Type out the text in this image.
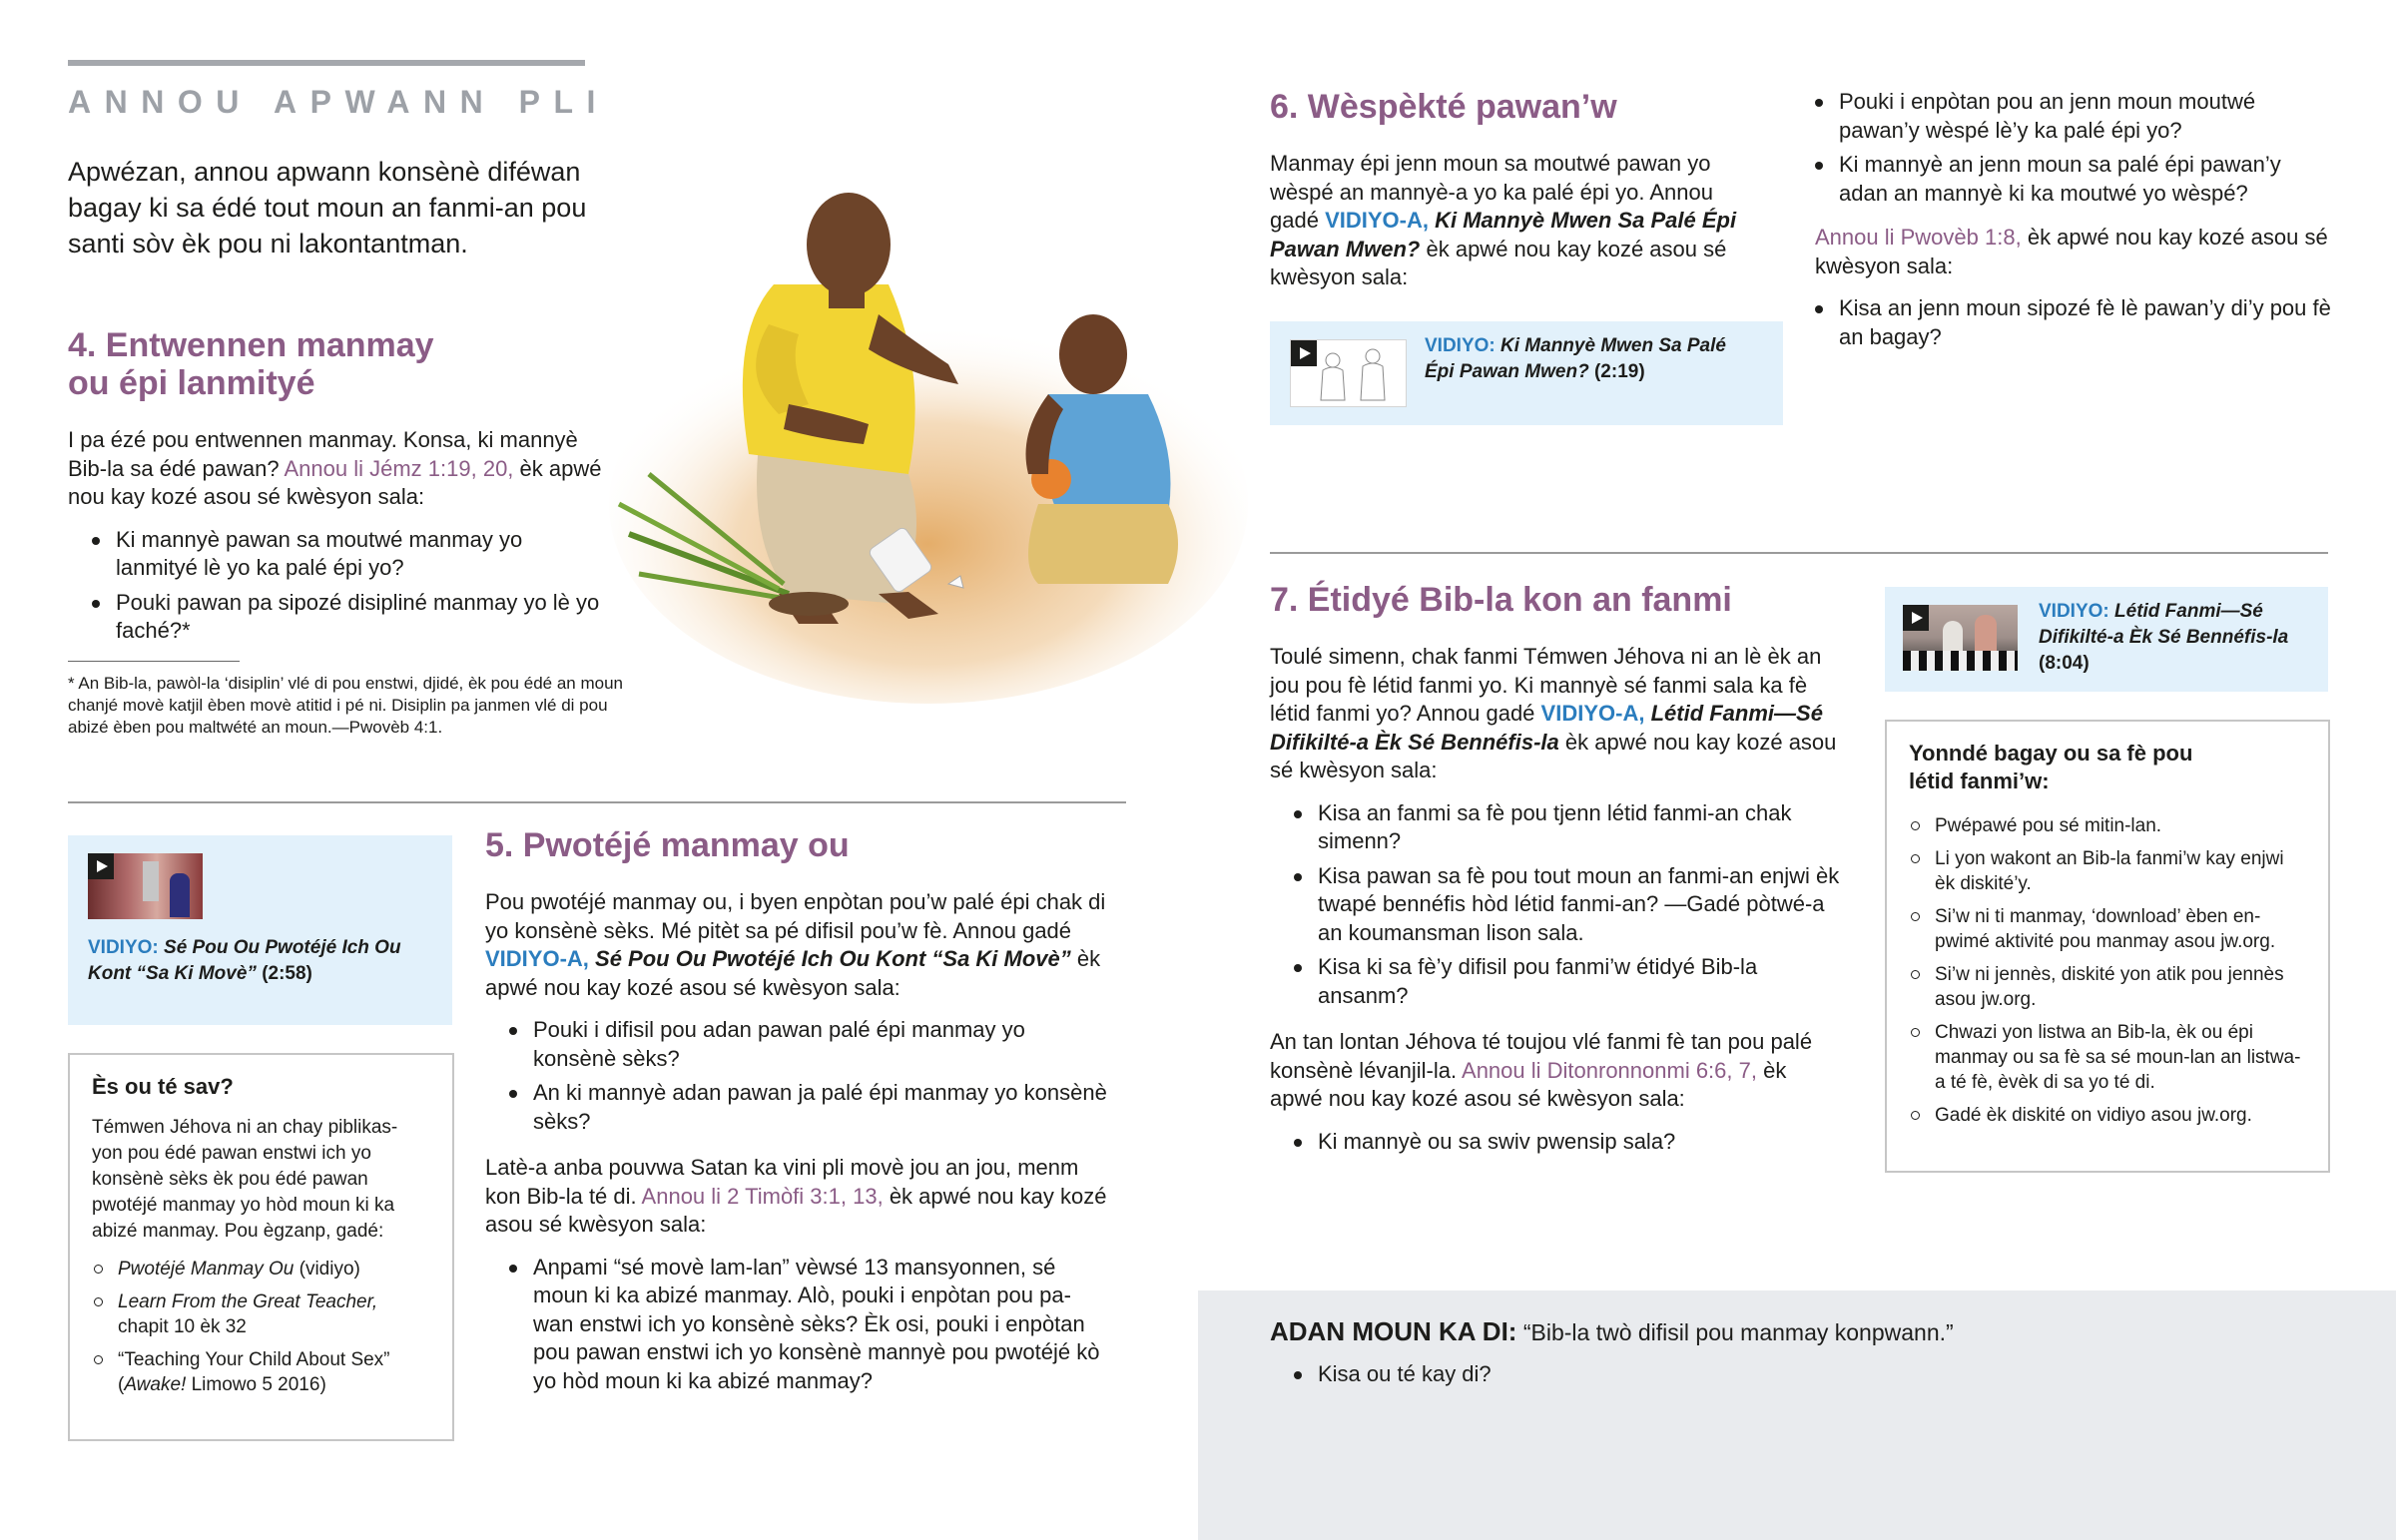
ANNOU APWANN PLI

Apwézan, annou apwann konsènè diféwan bagay ki sa édé tout moun an fanmi-an pou santi sòv èk pou ni lakontantman.

4. Entwennen manmay
ou épi lanmityé

I pa ézé pou entwennen manmay. Konsa, ki mannyè Bib-la sa édé pawan? Annou li Jémz 1:19, 20, èk apwé nou kay kozé asou sé kwèsyon sala:

Ki mannyè pawan sa moutwé manmay yo lanmityé lè yo ka palé épi yo?
Pouki pawan pa sipozé disipliné manmay yo lè yo faché?*

* An Bib-la, pawòl-la ‘disiplin’ vlé di pou enstwi, djidé, èk pou édé an moun chanjé movè katjil èben movè atitid i pé ni. Disiplin pa janmen vlé di pou abizé èben pou maltwété an moun.—Pwovèb 4:1.

VIDIYO: Sé Pou Ou Pwotéjé Ich Ou Kont “Sa Ki Movè” (2:58)
Ès ou té sav?

Témwen Jéhova ni an chay piblikas-yon pou édé pawan enstwi ich yo konsènè sèks èk pou édé pawan pwotéjé manmay yo hòd moun ki ka abizé manmay. Pou ègzanp, gadé:

Pwotéjé Manmay Ou (vidiyo)
Learn From the Great Teacher, chapit 10 èk 32
“Teaching Your Child About Sex” (Awake! Limowo 5 2016)
5. Pwotéjé manmay ou

Pou pwotéjé manmay ou, i byen enpòtan pou’w palé épi chak di yo konsènè sèks. Mé pitèt sa pé difisil pou’w fè. Annou gadé VIDIYO-A, Sé Pou Ou Pwotéjé Ich Ou Kont “Sa Ki Movè” èk apwé nou kay kozé asou sé kwèsyon sala:

Pouki i difisil pou adan pawan palé épi manmay yo konsènè sèks?
An ki mannyè adan pawan ja palé épi manmay yo konsènè sèks?

Latè-a anba pouvwa Satan ka vini pli movè jou an jou, menm kon Bib-la té di. Annou li 2 Timòfi 3:1, 13, èk apwé nou kay kozé asou sé kwèsyon sala:

Anpami “sé movè lam-lan” vèwsé 13 mansyonnen, sé moun ki ka abizé manmay. Alò, pouki i enpòtan pou pa-wan enstwi ich yo konsènè sèks? Èk osi, pouki i enpòtan pou pawan enstwi ich yo konsènè mannyè pou pwotéjé kò yo hòd moun ki ka abizé manmay?
6. Wèspèkté pawan’w

Manmay épi jenn moun sa moutwé pawan yo wèspé an mannyè-a yo ka palé épi yo. Annou gadé VIDIYO-A, Ki Mannyè Mwen Sa Palé Épi Pawan Mwen? èk apwé nou kay kozé asou sé kwèsyon sala:

VIDIYO: Ki Mannyè Mwen Sa Palé Épi Pawan Mwen? (2:19)
Pouki i enpòtan pou an jenn moun moutwé pawan’y wèspé lè’y ka palé épi yo?
Ki mannyè an jenn moun sa palé épi pawan’y adan an mannyè ki ka moutwé yo wèspé?

Annou li Pwovèb 1:8, èk apwé nou kay kozé asou sé kwèsyon sala:

Kisa an jenn moun sipozé fè lè pawan’y di’y pou fè an bagay?
7. Étidyé Bib-la kon an fanmi

Toulé simenn, chak fanmi Témwen Jéhova ni an lè èk an jou pou fè létid fanmi yo. Ki mannyè sé fanmi sala ka fè létid fanmi yo? Annou gadé VIDIYO-A, Létid Fanmi—Sé Difikilté-a Èk Sé Bennéfis-la èk apwé nou kay kozé asou sé kwèsyon sala:

Kisa an fanmi sa fè pou tjenn létid fanmi-an chak simenn?
Kisa pawan sa fè pou tout moun an fanmi-an enjwi èk twapé bennéfis hòd létid fanmi-an? —Gadé pòtwé-a an koumansman lison sala.
Kisa ki sa fè’y difisil pou fanmi’w étidyé Bib-la ansanm?

An tan lontan Jéhova té toujou vlé fanmi fè tan pou palé konsènè lévanjil-la. Annou li Ditonronnonmi 6:6, 7, èk apwé nou kay kozé asou sé kwèsyon sala:

Ki mannyè ou sa swiv pwensip sala?
VIDIYO: Létid Fanmi—Sé Difikilté-a Èk Sé Bennéfis-la (8:04)
Yonndé bagay ou sa fè pou
létid fanmi’w:
Pwépawé pou sé mitin-lan.
Li yon wakont an Bib-la fanmi’w kay enjwi èk diskité’y.
Si’w ni ti manmay, ‘download’ èben en-pwimé aktivité pou manmay asou jw.org.
Si’w ni jennès, diskité yon atik pou jennès asou jw.org.
Chwazi yon listwa an Bib-la, èk ou épi manmay ou sa fè sa sé moun-lan an listwa-a té fè, èvèk di sa yo té di.
Gadé èk diskité on vidiyo asou jw.org.

ADAN MOUN KA DI: “Bib-la twò difisil pou manmay konpwann.”

Kisa ou té kay di?
